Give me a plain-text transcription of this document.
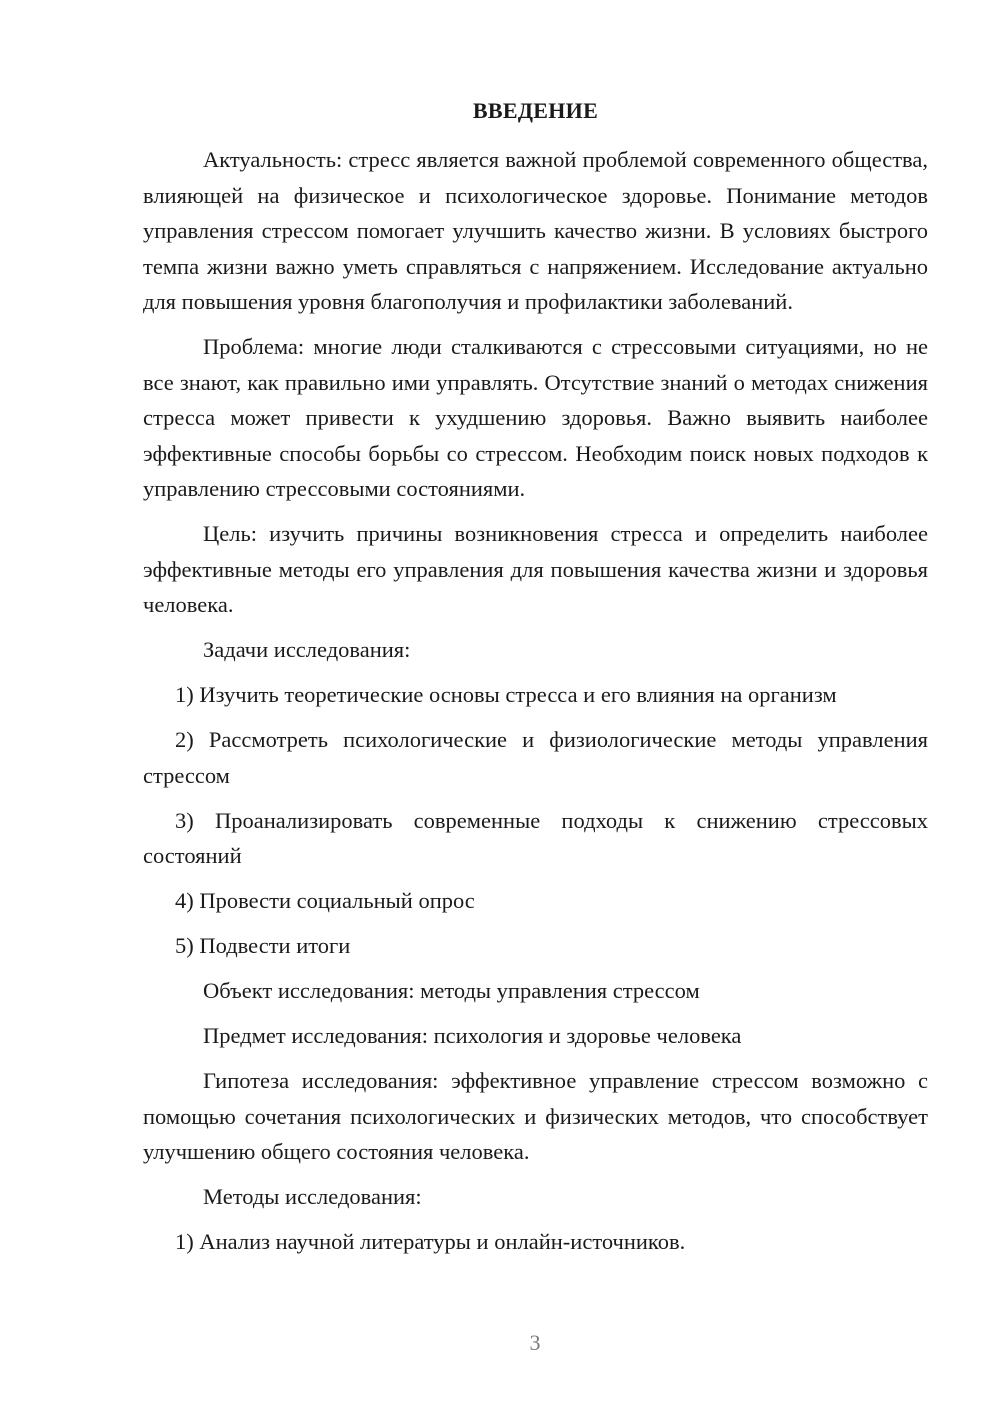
ВВЕДЕНИЕ

Актуальность: стресс является важной проблемой современного общества, влияющей на физическое и психологическое здоровье. Понимание методов управления стрессом помогает улучшить качество жизни. В условиях быстрого темпа жизни важно уметь справляться с напряжением. Исследование актуально для повышения уровня благополучия и профилактики заболеваний.

Проблема: многие люди сталкиваются с стрессовыми ситуациями, но не все знают, как правильно ими управлять. Отсутствие знаний о методах снижения стресса может привести к ухудшению здоровья. Важно выявить наиболее эффективные способы борьбы со стрессом. Необходим поиск новых подходов к управлению стрессовыми состояниями.

Цель: изучить причины возникновения стресса и определить наиболее эффективные методы его управления для повышения качества жизни и здоровья человека.

Задачи исследования:

1) Изучить теоретические основы стресса и его влияния на организм

2) Рассмотреть психологические и физиологические методы управления стрессом

3) Проанализировать современные подходы к снижению стрессовых состояний

4) Провести социальный опрос

5) Подвести итоги

Объект исследования: методы управления стрессом

Предмет исследования: психология и здоровье человека

Гипотеза исследования: эффективное управление стрессом возможно с помощью сочетания психологических и физических методов, что способствует улучшению общего состояния человека.

Методы исследования:

1) Анализ научной литературы и онлайн-источников.

3
